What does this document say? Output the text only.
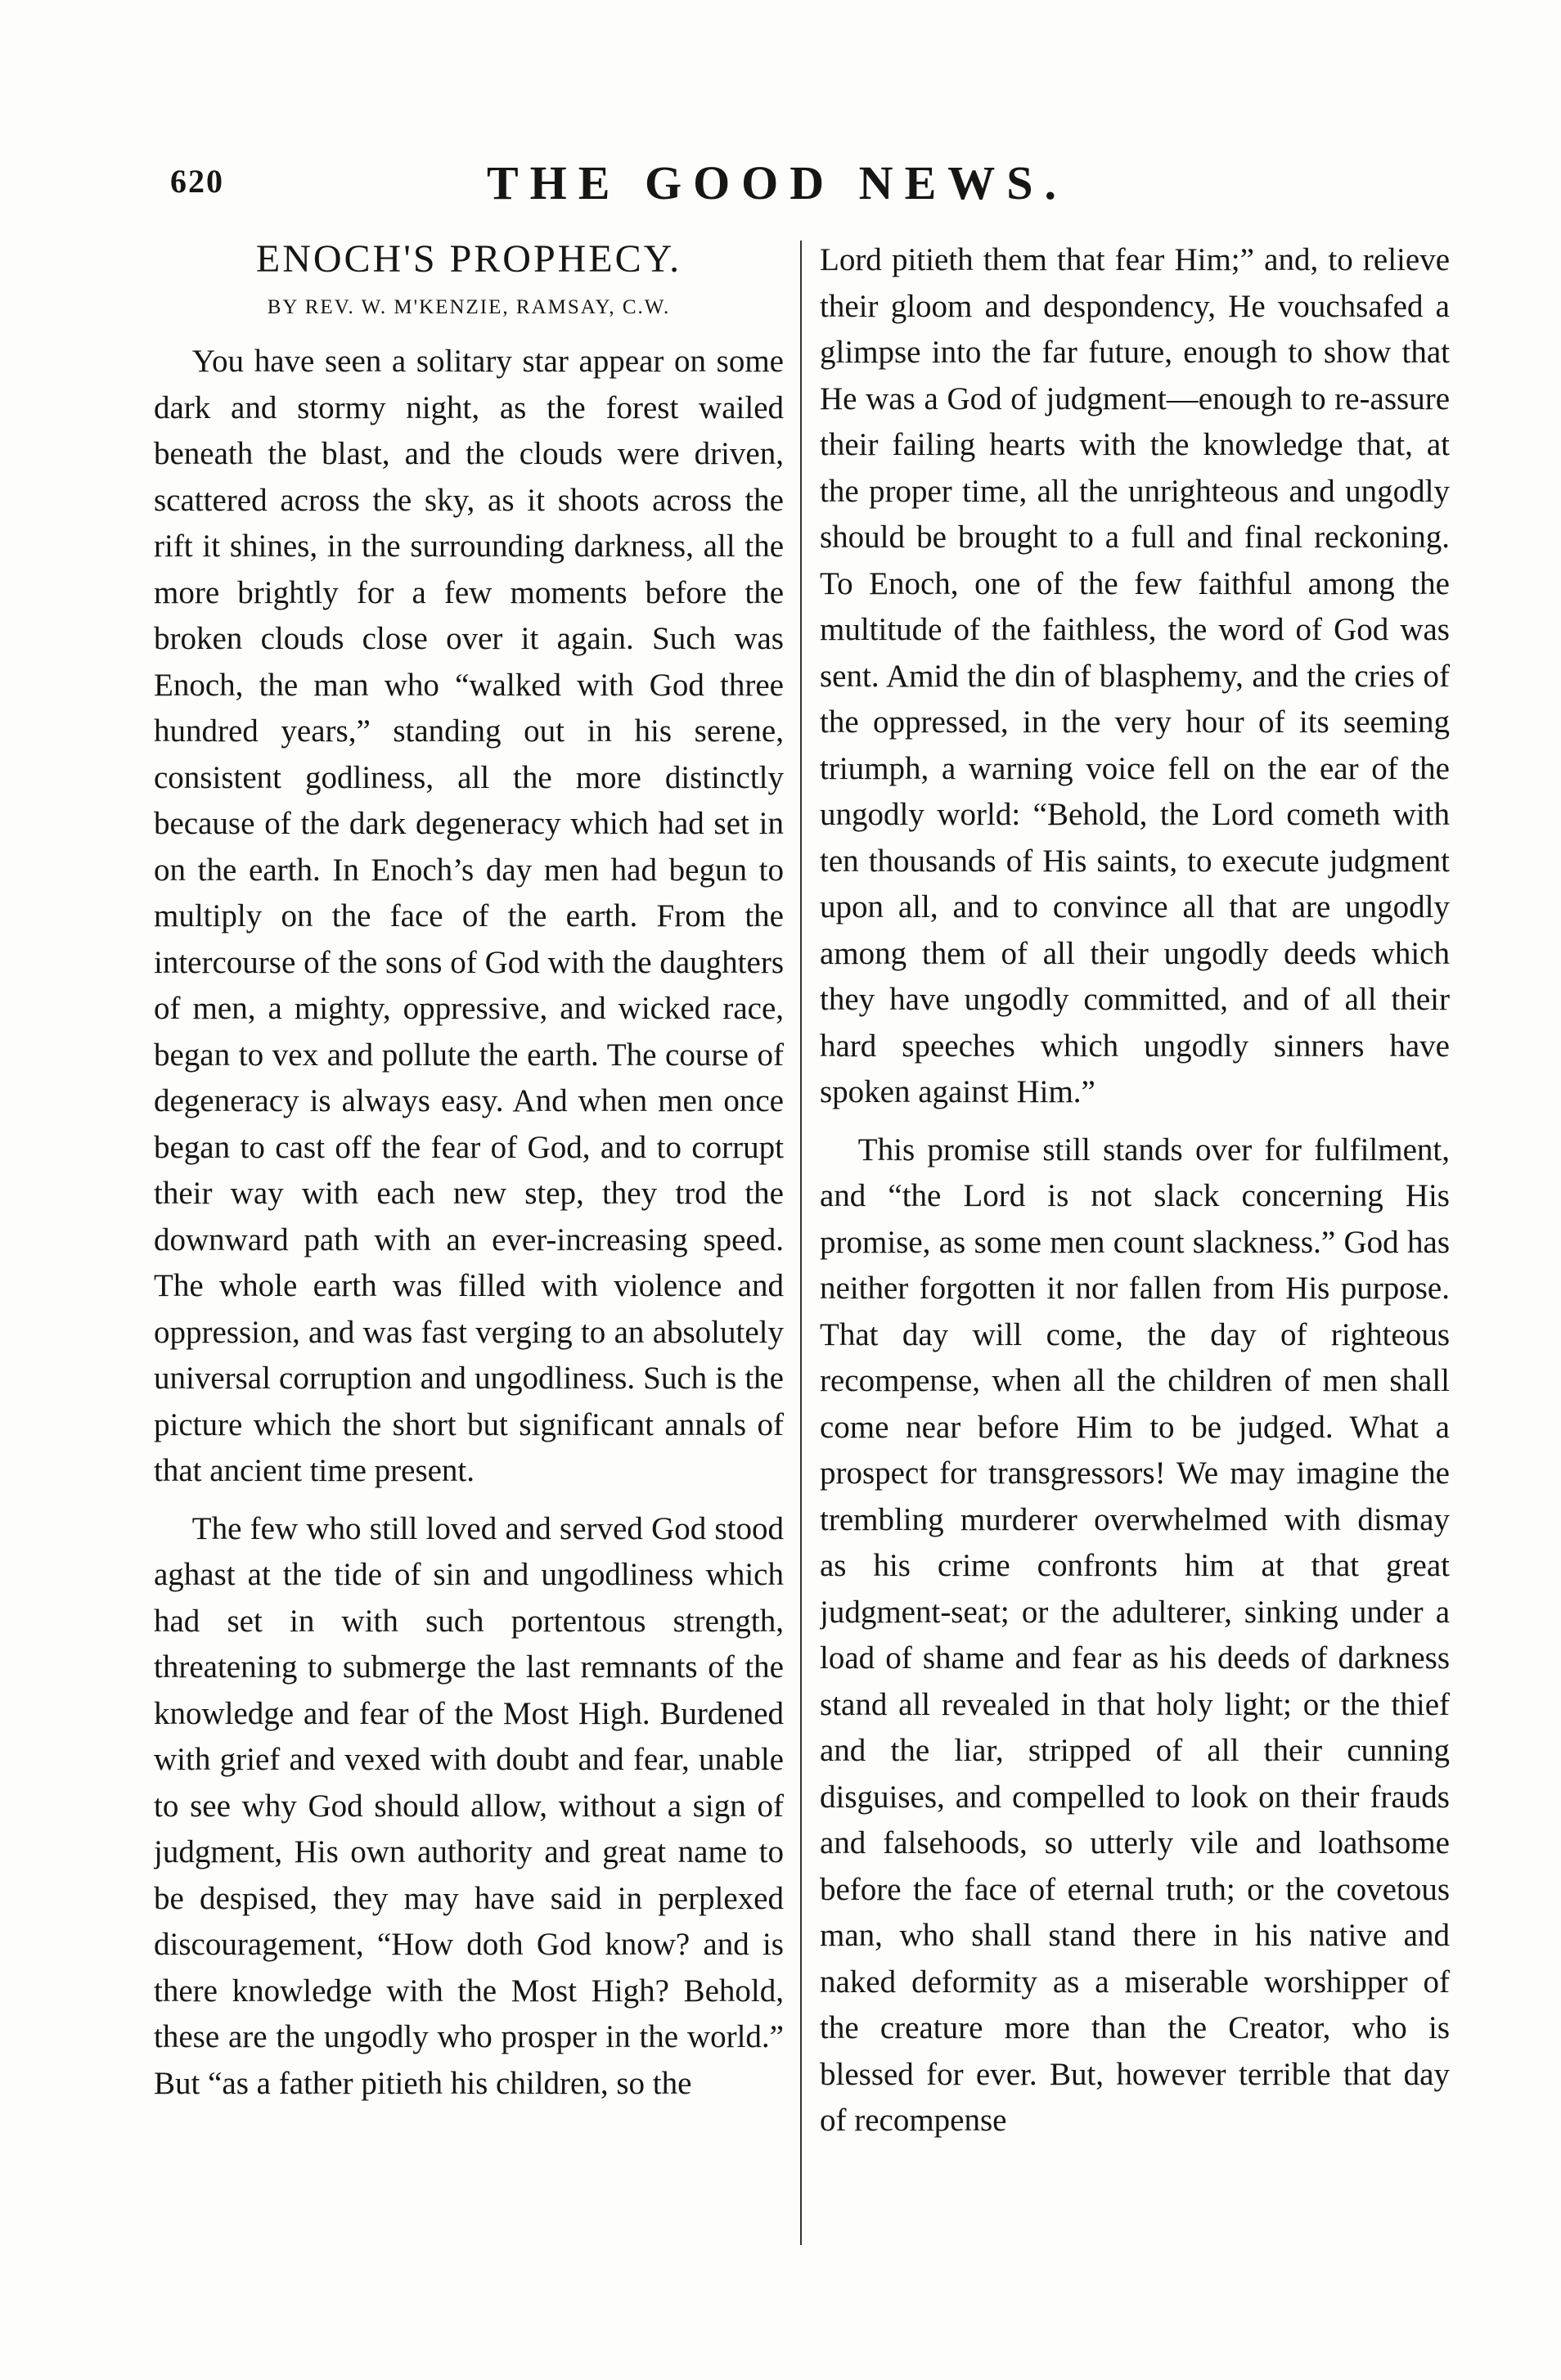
620	THE GOOD NEWS.
ENOCH'S PROPHECY.
BY REV. W. M'KENZIE, RAMSAY, C.W.

You have seen a solitary star appear on some dark and stormy night, as the forest wailed beneath the blast, and the clouds were driven, scattered across the sky, as it shoots across the rift it shines, in the surrounding darkness, all the more brightly for a few moments before the broken clouds close over it again. Such was Enoch, the man who “walked with God three hundred years,” standing out in his serene, consistent godliness, all the more distinctly because of the dark degeneracy which had set in on the earth. In Enoch’s day men had begun to multiply on the face of the earth. From the intercourse of the sons of God with the daughters of men, a mighty, oppressive, and wicked race, began to vex and pollute the earth. The course of degeneracy is always easy. And when men once began to cast off the fear of God, and to corrupt their way with each new step, they trod the downward path with an ever-increasing speed. The whole earth was filled with violence and oppression, and was fast verging to an absolutely universal corruption and ungodliness. Such is the picture which the short but significant annals of that ancient time present.

The few who still loved and served God stood aghast at the tide of sin and ungodliness which had set in with such portentous strength, threatening to submerge the last remnants of the knowledge and fear of the Most High. Burdened with grief and vexed with doubt and fear, unable to see why God should allow, without a sign of judgment, His own authority and great name to be despised, they may have said in perplexed discouragement, “How doth God know? and is there knowledge with the Most High? Behold, these are the ungodly who prosper in the world.” But “as a father pitieth his children, so the

Lord pitieth them that fear Him;” and, to relieve their gloom and despondency, He vouchsafed a glimpse into the far future, enough to show that He was a God of judgment—enough to re-assure their failing hearts with the knowledge that, at the proper time, all the unrighteous and ungodly should be brought to a full and final reckoning. To Enoch, one of the few faithful among the multitude of the faithless, the word of God was sent. Amid the din of blasphemy, and the cries of the oppressed, in the very hour of its seeming triumph, a warning voice fell on the ear of the ungodly world: “Behold, the Lord cometh with ten thousands of His saints, to execute judgment upon all, and to convince all that are ungodly among them of all their ungodly deeds which they have ungodly committed, and of all their hard speeches which ungodly sinners have spoken against Him.”

This promise still stands over for fulfilment, and “the Lord is not slack concerning His promise, as some men count slackness.” God has neither forgotten it nor fallen from His purpose. That day will come, the day of righteous recompense, when all the children of men shall come near before Him to be judged. What a prospect for transgressors! We may imagine the trembling murderer overwhelmed with dismay as his crime confronts him at that great judgment-seat; or the adulterer, sinking under a load of shame and fear as his deeds of darkness stand all revealed in that holy light; or the thief and the liar, stripped of all their cunning disguises, and compelled to look on their frauds and falsehoods, so utterly vile and loathsome before the face of eternal truth; or the covetous man, who shall stand there in his native and naked deformity as a miserable worshipper of the creature more than the Creator, who is blessed for ever. But, however terrible that day of recompense
